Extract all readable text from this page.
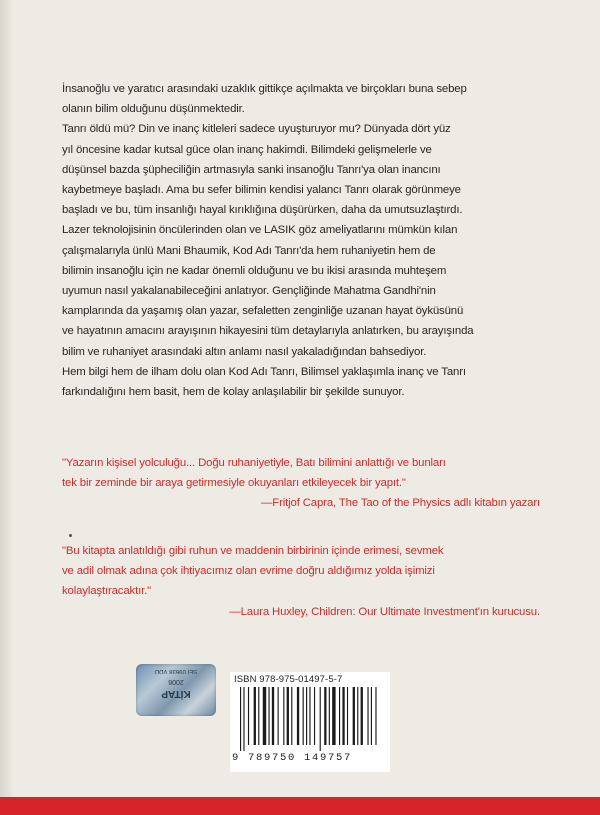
İnsanoğlu ve yaratıcı arasındaki uzaklık gittikçe açılmakta ve birçokları buna sebep

olanın bilim olduğunu düşünmektedir.

Tanrı öldü mü? Din ve inanç kitleleri sadece uyuşturuyor mu? Dünyada dört yüz

yıl öncesine kadar kutsal güce olan inanç hakimdi. Bilimdeki gelişmelerle ve

düşünsel bazda şüpheciliğin artmasıyla sanki insanoğlu Tanrı'ya olan inancını

kaybetmeye başladı. Ama bu sefer bilimin kendisi yalancı Tanrı olarak görünmeye

başladı ve bu, tüm insanlığı hayal kırıklığına düşürürken, daha da umutsuzlaştırdı.

Lazer teknolojisinin öncülerinden olan ve LASIK göz ameliyatlarını mümkün kılan

çalışmalarıyla ünlü Mani Bhaumik, Kod Adı Tanrı'da hem ruhaniyetin hem de

bilimin insanoğlu için ne kadar önemli olduğunu ve bu ikisi arasında muhteşem

uyumun nasıl yakalanabileceğini anlatıyor. Gençliğinde Mahatma Gandhi'nin

kamplarında da yaşamış olan yazar, sefaletten zenginliğe uzanan hayat öyküsünü

ve hayatının amacını arayışının hikayesini tüm detaylarıyla anlatırken, bu arayışında

bilim ve ruhaniyet arasındaki altın anlamı nasıl yakaladığından bahsediyor.

Hem bilgi hem de ilham dolu olan Kod Adı Tanrı, Bilimsel yaklaşımla inanç ve Tanrı

farkındalığını hem basit, hem de kolay anlaşılabilir bir şekilde sunuyor.

"Yazarın kişisel yolculuğu... Doğu ruhaniyetiyle, Batı bilimini anlattığı ve bunları

tek bir zeminde bir araya getirmesiyle okuyanları etkileyecek bir yapıt."

—Fritjof Capra, The Tao of the Physics adlı kitabın yazarı

"Bu kitapta anlatıldığı gibi ruhun ve maddenin birbirinin içinde erimesi, sevmek

ve adil olmak adına çok ihtiyacımız olan evrime doğru aldığımız yolda işimizi

kolaylaştıracaktır."

—Laura Huxley, Children: Our Ultimate Investment'ın kurucusu.

SEI 09638 VDD
2006
KİTAP
ISBN 978-975-01497-5-7
9 789750 149757
